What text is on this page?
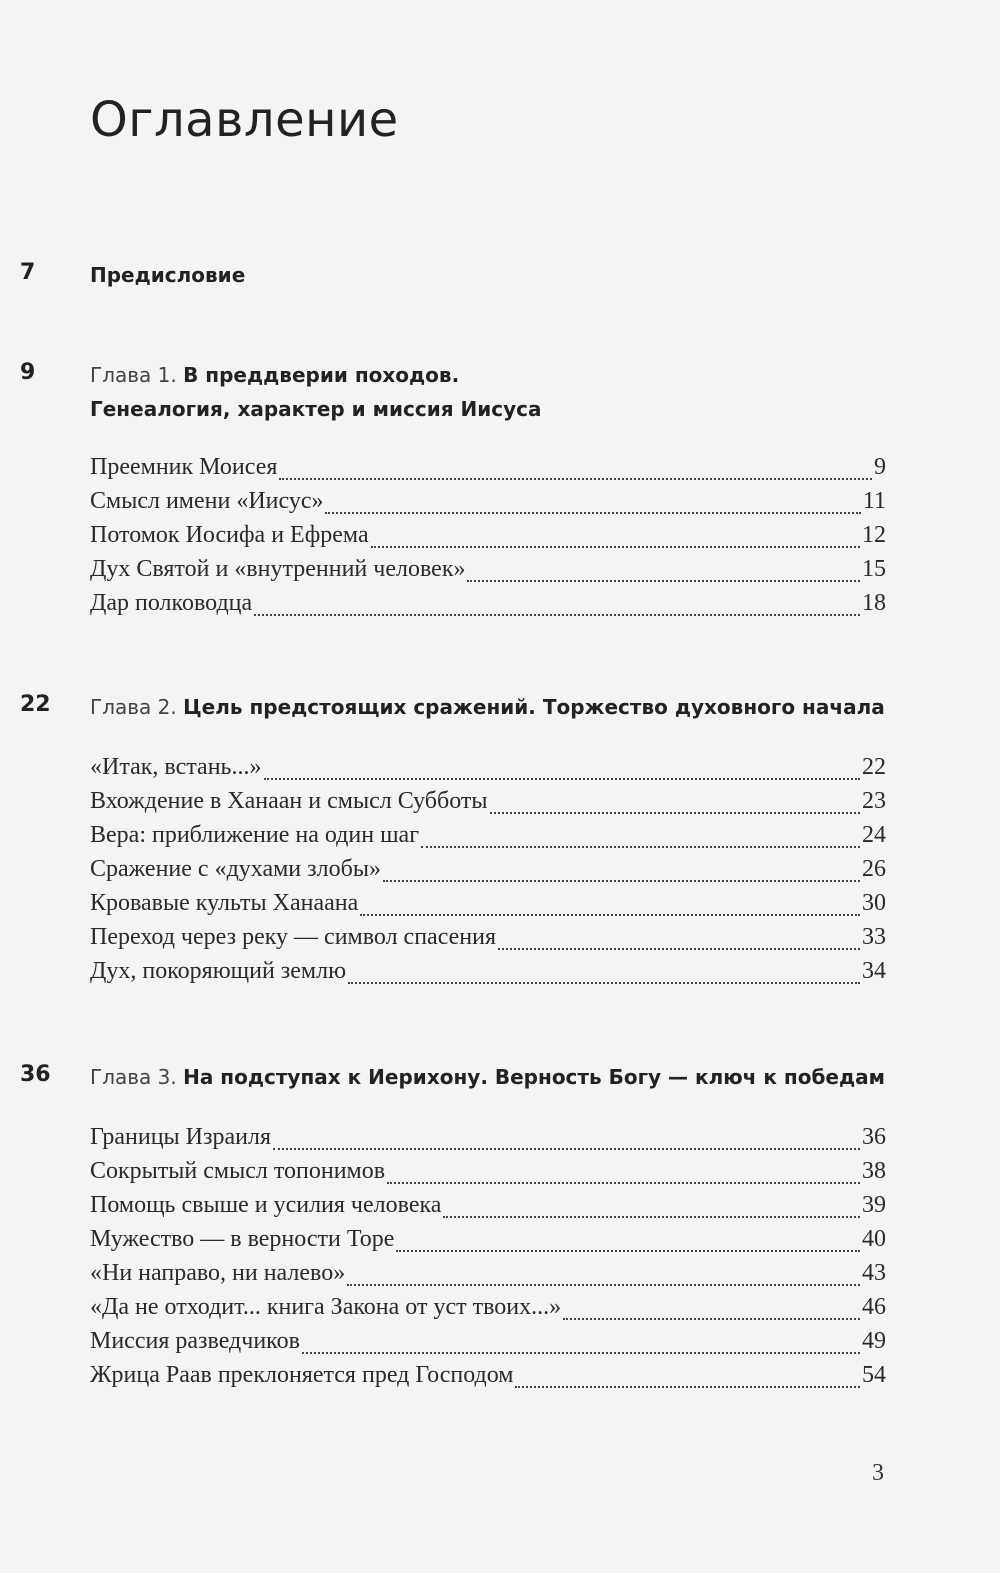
Оглавление
7	Предисловие
9	Глава 1. В преддверии походов.
Генеалогия, характер и миссия Иисуса
Преемник Моисея	9
Смысл имени «Иисус»	11
Потомок Иосифа и Ефрема	12
Дух Святой и «внутренний человек»	15
Дар полководца	18
22 Глава 2. Цель предстоящих сражений. Торжество духовного начала
«Итак, встань...»	22
Вхождение в Ханаан и смысл Субботы	23
Вера: приближение на один шаг	24
Сражение с «духами злобы»	26
Кровавые культы Ханаана	30
Переход через реку — символ спасения	33
Дух, покоряющий землю	34
36 Глава 3. На подступах к Иерихону. Верность Богу — ключ к победам
Границы Израиля	36
Сокрытый смысл топонимов	38
Помощь свыше и усилия человека	39
Мужество — в верности Торе	40
«Ни направо, ни налево»	43
«Да не отходит... книга Закона от уст твоих...»	46
Миссия разведчиков	49
Жрица Раав преклоняется пред Господом	54
3
